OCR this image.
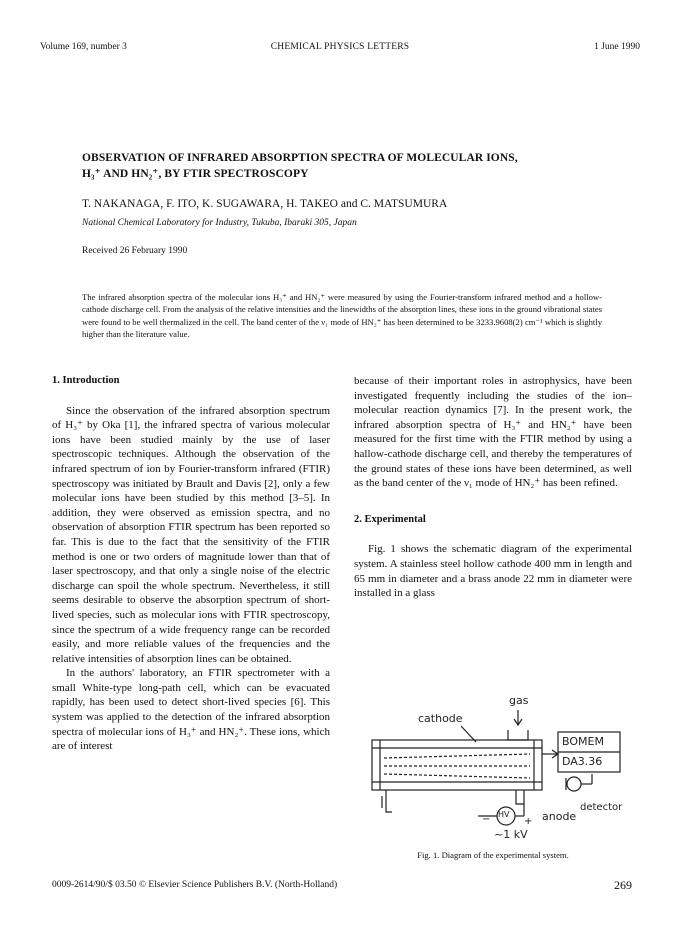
Volume 169, number 3	CHEMICAL PHYSICS LETTERS	1 June 1990
OBSERVATION OF INFRARED ABSORPTION SPECTRA OF MOLECULAR IONS,
H₃⁺ AND HN₂⁺, BY FTIR SPECTROSCOPY
T. NAKANAGA, F. ITO, K. SUGAWARA, H. TAKEO and C. MATSUMURA
National Chemical Laboratory for Industry, Tukuba, Ibaraki 305, Japan
Received 26 February 1990
The infrared absorption spectra of the molecular ions H₃⁺ and HN₂⁺ were measured by using the Fourier-transform infrared method and a hollow-cathode discharge cell. From the analysis of the relative intensities and the linewidths of the absorption lines, these ions in the ground vibrational states were found to be well thermalized in the cell. The band center of the ν₁ mode of HN₂⁺ has been determined to be 3233.9608(2) cm⁻¹ which is slightly higher than the literature value.

1. Introduction

Since the observation of the infrared absorption spectrum of H₃⁺ by Oka [1], the infrared spectra of various molecular ions have been studied mainly by the use of laser spectroscopic techniques. Although the observation of the infrared spectrum of ion by Fourier-transform infrared (FTIR) spectroscopy was initiated by Brault and Davis [2], only a few molecular ions have been studied by this method [3–5]. In addition, they were observed as emission spectra, and no observation of absorption FTIR spectrum has been reported so far. This is due to the fact that the sensitivity of the FTIR method is one or two orders of magnitude lower than that of laser spectroscopy, and that only a single noise of the electric discharge can spoil the whole spectrum. Nevertheless, it still seems desirable to observe the absorption spectrum of short-lived species, such as molecular ions with FTIR spectroscopy, since the spectrum of a wide frequency range can be recorded easily, and more reliable values of the frequencies and the relative intensities of absorption lines can be obtained.

In the authors' laboratory, an FTIR spectrometer with a small White-type long-path cell, which can be evacuated rapidly, has been used to detect short-lived species [6]. This system was applied to the detection of the infrared absorption spectra of molecular ions of H₃⁺ and HN₂⁺. These ions, which are of interest

because of their important roles in astrophysics, have been investigated frequently including the studies of the ion–molecular reaction dynamics [7]. In the present work, the infrared absorption spectra of H₃⁺ and HN₂⁺ have been measured for the first time with the FTIR method by using a hallow-cathode discharge cell, and thereby the temperatures of the ground states of these ions have been determined, as well as the band center of the ν₁ mode of HN₂⁺ has been refined.

2. Experimental

Fig. 1 shows the schematic diagram of the experimental system. A stainless steel hollow cathode 400 mm in length and 65 mm in diameter and a brass anode 22 mm in diameter were installed in a glass

gas
cathode
BOMEM
DA3.36
HV
−	+ anode
detector
~1 kV
Fig. 1. Diagram of the experimental system.
0009-2614/90/$ 03.50 © Elsevier Science Publishers B.V. (North-Holland)	269
